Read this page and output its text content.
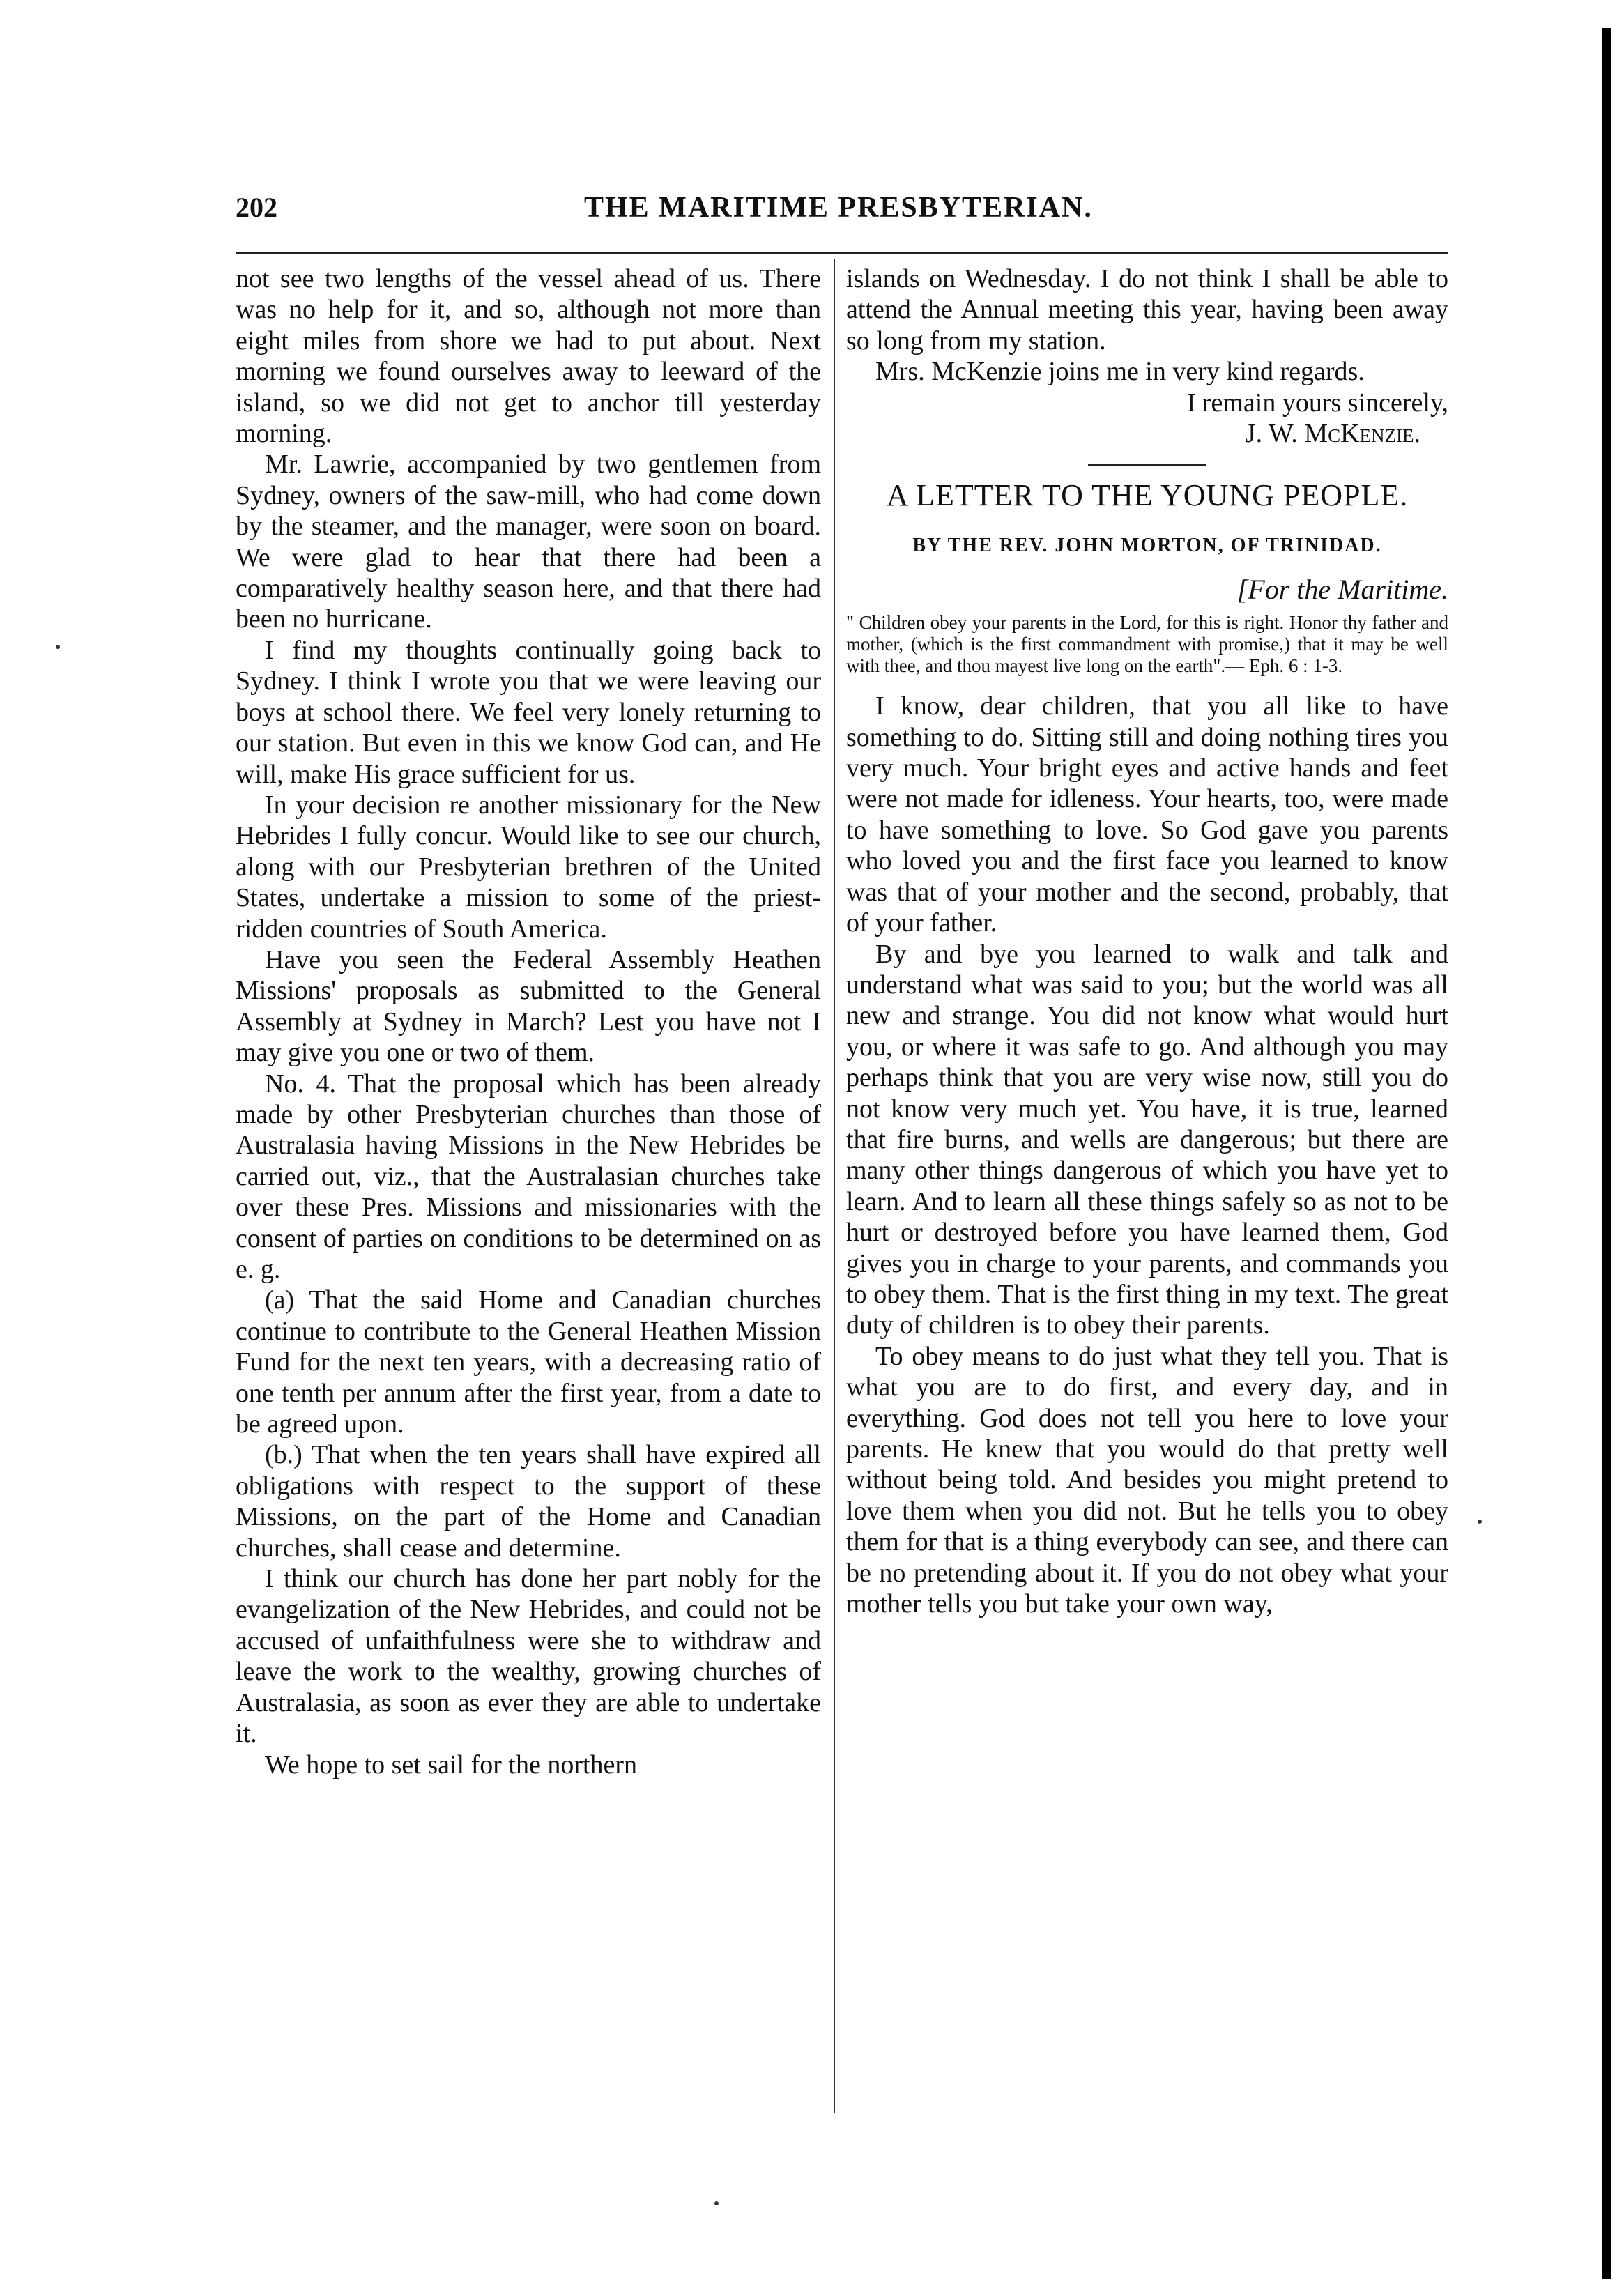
202	THE MARITIME PRESBYTERIAN.

not see two lengths of the vessel ahead of us. There was no help for it, and so, although not more than eight miles from shore we had to put about. Next morning we found ourselves away to leeward of the island, so we did not get to anchor till yesterday morning.

Mr. Lawrie, accompanied by two gentlemen from Sydney, owners of the saw-mill, who had come down by the steamer, and the manager, were soon on board. We were glad to hear that there had been a comparatively healthy season here, and that there had been no hurricane.

I find my thoughts continually going back to Sydney. I think I wrote you that we were leaving our boys at school there. We feel very lonely returning to our station. But even in this we know God can, and He will, make His grace sufficient for us.

In your decision re another missionary for the New Hebrides I fully concur. Would like to see our church, along with our Presbyterian brethren of the United States, undertake a mission to some of the priest-ridden countries of South America.

Have you seen the Federal Assembly Heathen Missions' proposals as submitted to the General Assembly at Sydney in March? Lest you have not I may give you one or two of them.

No. 4. That the proposal which has been already made by other Presbyterian churches than those of Australasia having Missions in the New Hebrides be carried out, viz., that the Australasian churches take over these Pres. Missions and missionaries with the consent of parties on conditions to be determined on as e. g.

(a) That the said Home and Canadian churches continue to contribute to the General Heathen Mission Fund for the next ten years, with a decreasing ratio of one tenth per annum after the first year, from a date to be agreed upon.

(b.) That when the ten years shall have expired all obligations with respect to the support of these Missions, on the part of the Home and Canadian churches, shall cease and determine.

I think our church has done her part nobly for the evangelization of the New Hebrides, and could not be accused of unfaithfulness were she to withdraw and leave the work to the wealthy, growing churches of Australasia, as soon as ever they are able to undertake it.

We hope to set sail for the northern

islands on Wednesday. I do not think I shall be able to attend the Annual meeting this year, having been away so long from my station.

Mrs. McKenzie joins me in very kind regards.

I remain yours sincerely,

J. W. McKenzie.

A LETTER TO THE YOUNG PEOPLE.
BY THE REV. JOHN MORTON, OF TRINIDAD.
[For the Maritime.
" Children obey your parents in the Lord, for this is right. Honor thy father and mother, (which is the first commandment with promise,) that it may be well with thee, and thou mayest live long on the earth".— Eph. 6 : 1-3.

I know, dear children, that you all like to have something to do. Sitting still and doing nothing tires you very much. Your bright eyes and active hands and feet were not made for idleness. Your hearts, too, were made to have something to love. So God gave you parents who loved you and the first face you learned to know was that of your mother and the second, probably, that of your father.

By and bye you learned to walk and talk and understand what was said to you; but the world was all new and strange. You did not know what would hurt you, or where it was safe to go. And although you may perhaps think that you are very wise now, still you do not know very much yet. You have, it is true, learned that fire burns, and wells are dangerous; but there are many other things dangerous of which you have yet to learn. And to learn all these things safely so as not to be hurt or destroyed before you have learned them, God gives you in charge to your parents, and commands you to obey them. That is the first thing in my text. The great duty of children is to obey their parents.

To obey means to do just what they tell you. That is what you are to do first, and every day, and in everything. God does not tell you here to love your parents. He knew that you would do that pretty well without being told. And besides you might pretend to love them when you did not. But he tells you to obey them for that is a thing everybody can see, and there can be no pretending about it. If you do not obey what your mother tells you but take your own way,
